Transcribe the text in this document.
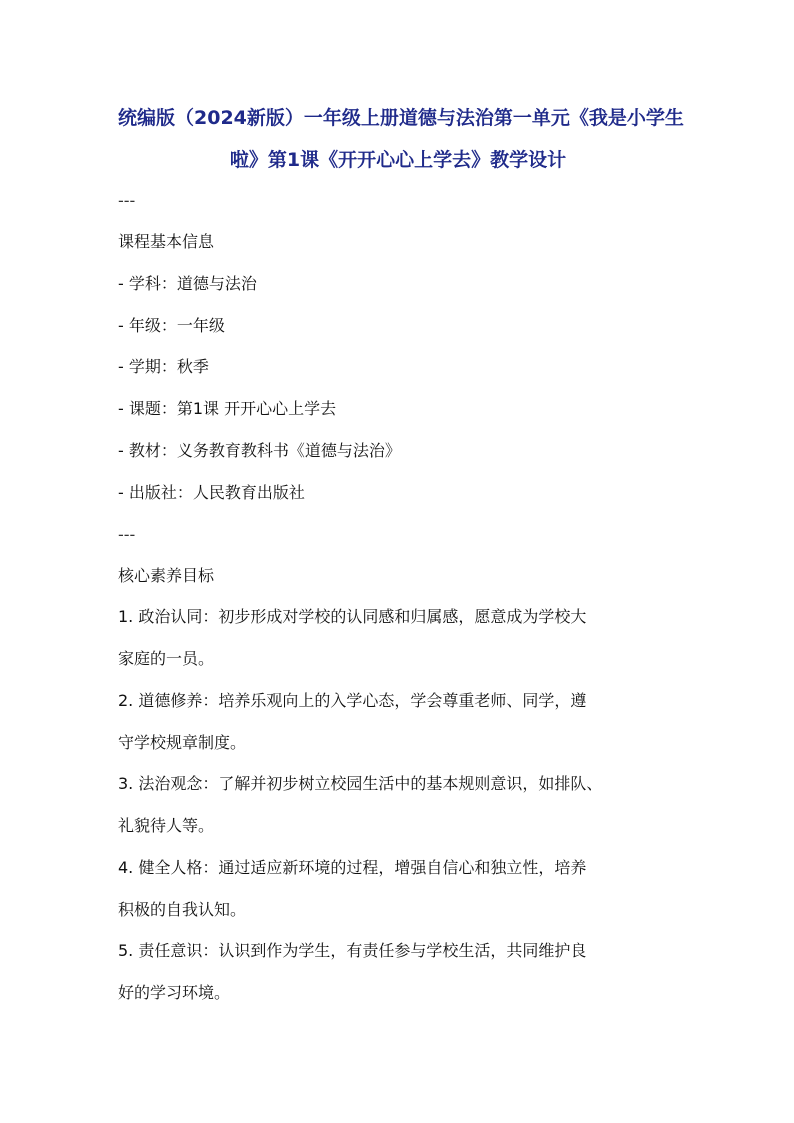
统编版（2024新版）一年级上册道德与法治第一单元《我是小学生
啦》第1课《开开心心上学去》教学设计
---
课程基本信息
- 学科：道德与法治
- 年级：一年级
- 学期：秋季
- 课题：第1课 开开心心上学去
- 教材：义务教育教科书《道德与法治》
- 出版社：人民教育出版社
---
核心素养目标
1. 政治认同：初步形成对学校的认同感和归属感，愿意成为学校大
家庭的一员。
2. 道德修养：培养乐观向上的入学心态，学会尊重老师、同学，遵
守学校规章制度。
3. 法治观念：了解并初步树立校园生活中的基本规则意识，如排队、
礼貌待人等。
4. 健全人格：通过适应新环境的过程，增强自信心和独立性，培养
积极的自我认知。
5. 责任意识：认识到作为学生，有责任参与学校生活，共同维护良
好的学习环境。
